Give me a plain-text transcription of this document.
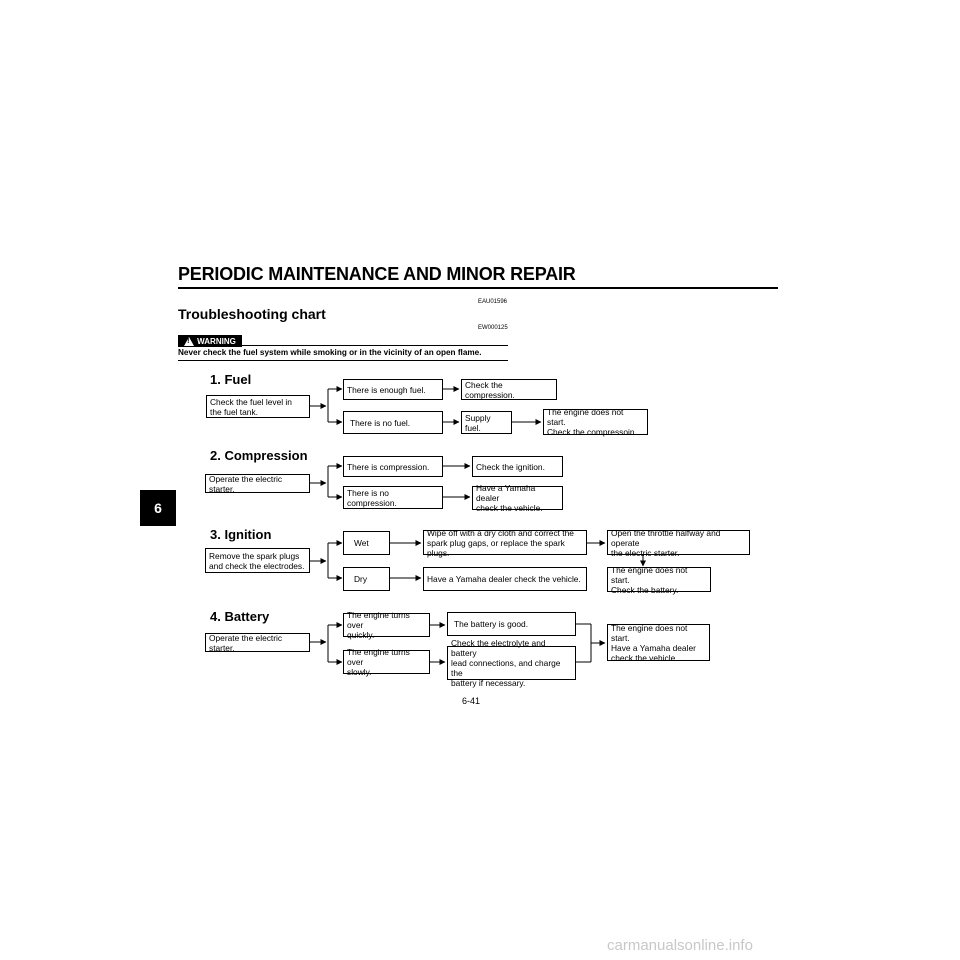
PERIODIC MAINTENANCE AND MINOR REPAIR
EAU01596
Troubleshooting chart
EW000125
! WARNING
Never check the fuel system while smoking or in the vicinity of an open flame.
6
1. Fuel
Check the fuel level in
the fuel tank.
There is enough fuel.	Check the compression.
There is no fuel.	Supply fuel.
The engine does not start.
Check the compressoin.
2. Compression
Operate the electric starter.
There is compression.	Check the ignition.
There is no compression.
Have a Yamaha dealer
check the vehicle.
3. Ignition
Remove the spark plugs
and check the electrodes.
Wet
Wipe off with a dry cloth and correct the
spark plug gaps, or replace the spark plugs.
Open the throttle halfway and operate
the electric starter.
Dry	Have a Yamaha dealer check the vehicle.
The engine does not start.
Check the battery.
4. Battery
Operate the electric starter.
The engine turns over
quickly.
The battery is good.
The engine turns over
slowly.
Check the electrolyte and battery
lead connections, and charge the
battery if necessary.
The engine does not start.
Have a Yamaha dealer
check the vehicle.
6-41
carmanualsonline.info
